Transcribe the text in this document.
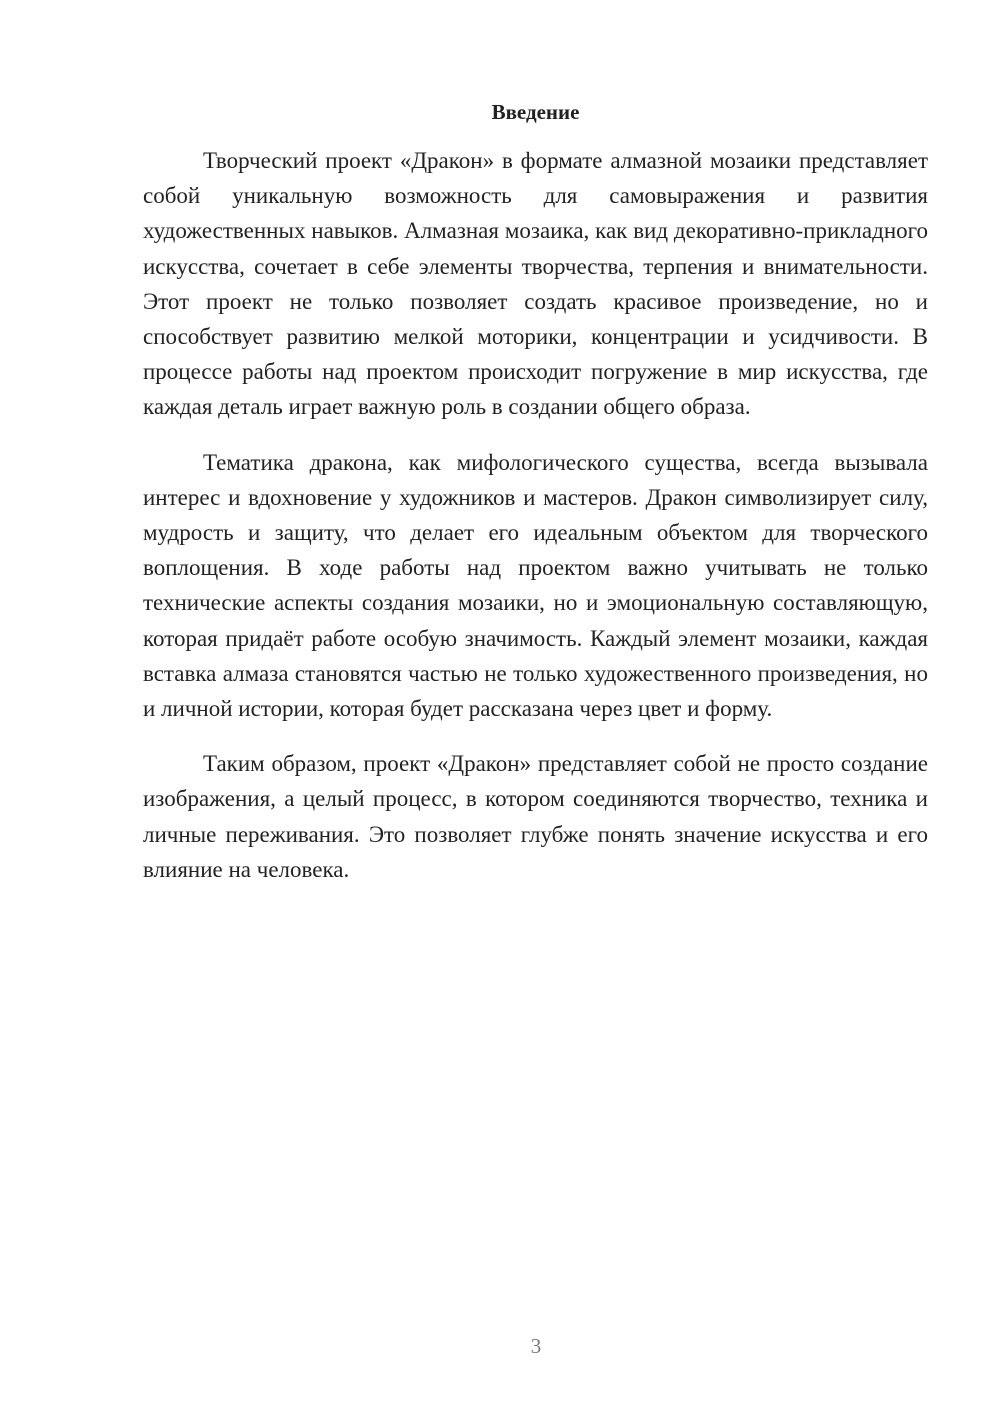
Введение

Творческий проект «Дракон» в формате алмазной мозаики представляет собой уникальную возможность для самовыражения и развития художественных навыков. Алмазная мозаика, как вид декоративно-прикладного искусства, сочетает в себе элементы творчества, терпения и внимательности. Этот проект не только позволяет создать красивое произведение, но и способствует развитию мелкой моторики, концентрации и усидчивости. В процессе работы над проектом происходит погружение в мир искусства, где каждая деталь играет важную роль в создании общего образа.

Тематика дракона, как мифологического существа, всегда вызывала интерес и вдохновение у художников и мастеров. Дракон символизирует силу, мудрость и защиту, что делает его идеальным объектом для творческого воплощения. В ходе работы над проектом важно учитывать не только технические аспекты создания мозаики, но и эмоциональную составляющую, которая придаёт работе особую значимость. Каждый элемент мозаики, каждая вставка алмаза становятся частью не только художественного произведения, но и личной истории, которая будет рассказана через цвет и форму.

Таким образом, проект «Дракон» представляет собой не просто создание изображения, а целый процесс, в котором соединяются творчество, техника и личные переживания. Это позволяет глубже понять значение искусства и его влияние на человека.

3
